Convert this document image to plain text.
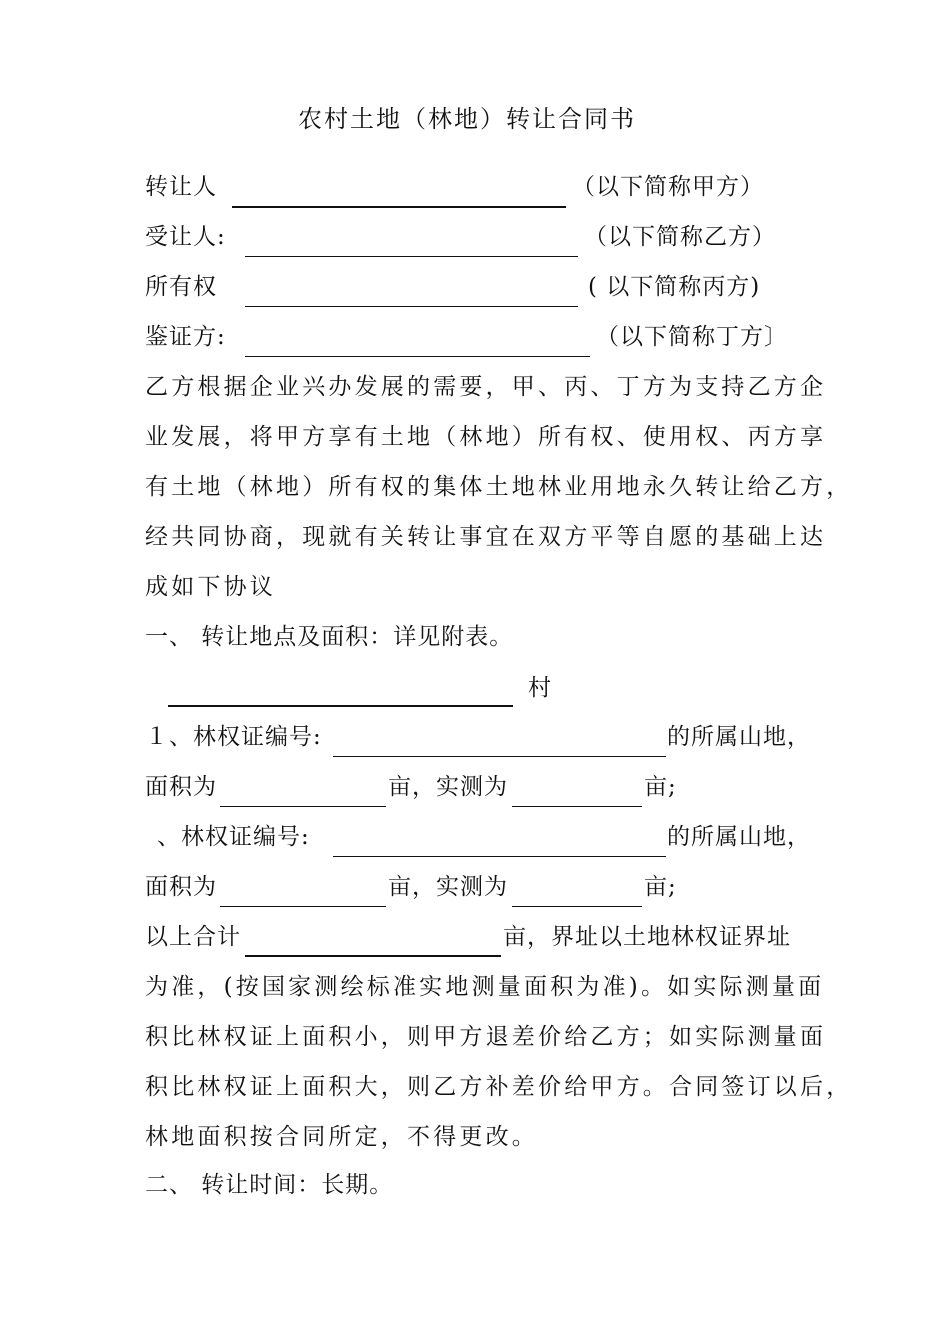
农村土地（林地）转让合同书
转让人	（以下简称甲方）
受让人:	（以下简称乙方）
所有权	( 以下简称丙方)
鉴证方:	（以下简称丁方〕
乙方根据企业兴办发展的需要，甲、丙、丁方为支持乙方企
业发展，将甲方享有土地（林地）所有权、使用权、丙方享
有土地（林地）所有权的集体土地林业用地永久转让给乙方，
经共同协商，现就有关转让事宜在双方平等自愿的基础上达
成如下协议
一、 转让地点及面积：详见附表。
村
１、林权证编号:	的所属山地，
面积为	亩，实测为	亩;
、林权证编号:	的所属山地，
面积为	亩，实测为	亩;
以上合计	亩，界址以土地林权证界址
为准，(按国家测绘标准实地测量面积为准)。如实际测量面
积比林权证上面积小，则甲方退差价给乙方；如实际测量面
积比林权证上面积大，则乙方补差价给甲方。合同签订以后，
林地面积按合同所定，不得更改。
二、 转让时间：长期。
